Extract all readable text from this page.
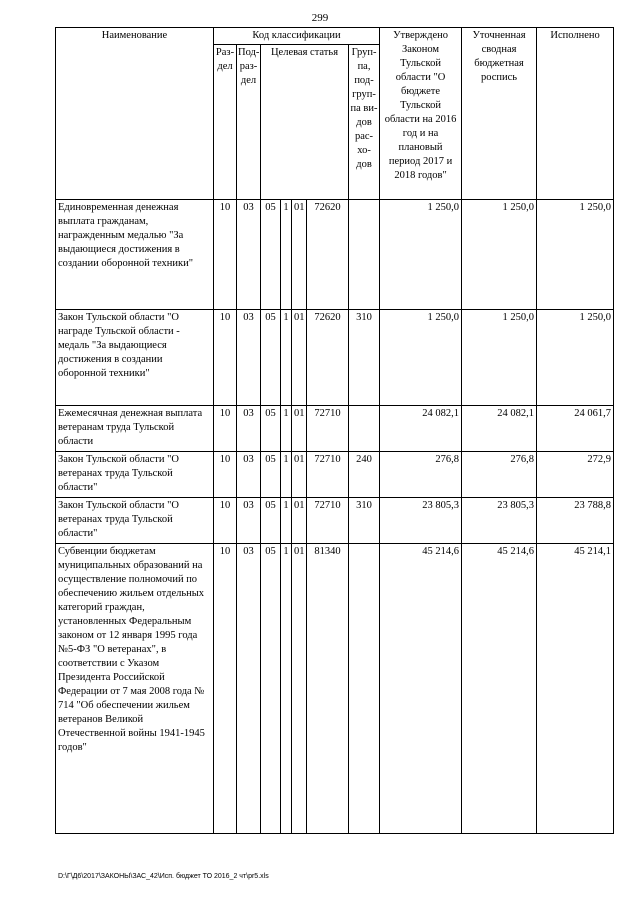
299
Наименование	Код классификации							Утверждено Законом Тульской области "О бюджете Тульской области на 2016 год и на плановый период 2017 и 2018 годов"	Уточненная сводная бюджетная роспись	Исполнено
	Раз- дел	Под- раз- дел	Целевая статья				Груп- па, под- груп- па ви- дов рас- хо- дов			
Единовременная денежная выплата гражданам, награжденным медалью "За выдающиеся достижения в создании оборонной техники"	10	03	05	1	01	72620		1 250,0	1 250,0	1 250,0
Закон Тульской области "О награде Тульской области - медаль "За выдающиеся достижения в создании оборонной техники"	10	03	05	1	01	72620	310	1 250,0	1 250,0	1 250,0
Ежемесячная денежная выплата ветеранам труда Тульской области	10	03	05	1	01	72710		24 082,1	24 082,1	24 061,7
Закон Тульской области "О ветеранах труда Тульской области"	10	03	05	1	01	72710	240	276,8	276,8	272,9
Закон Тульской области "О ветеранах труда Тульской области"	10	03	05	1	01	72710	310	23 805,3	23 805,3	23 788,8
Субвенции бюджетам муниципальных образований на осуществление полномочий по обеспечению жильем отдельных категорий граждан, установленных Федеральным законом от 12 января 1995 года №5-ФЗ "О ветеранах", в соответствии с Указом Президента Российской Федерации от 7 мая 2008 года № 714 "Об обеспечении жильем ветеранов Великой Отечественной войны 1941-1945 годов"	10	03	05	1	01	81340		45 214,6	45 214,6	45 214,1
D:\Г\Д6\2017\ЗАКОНЫ\ЗАС_42\Исп. бюджет ТО 2016_2 чт\pr5.xls
